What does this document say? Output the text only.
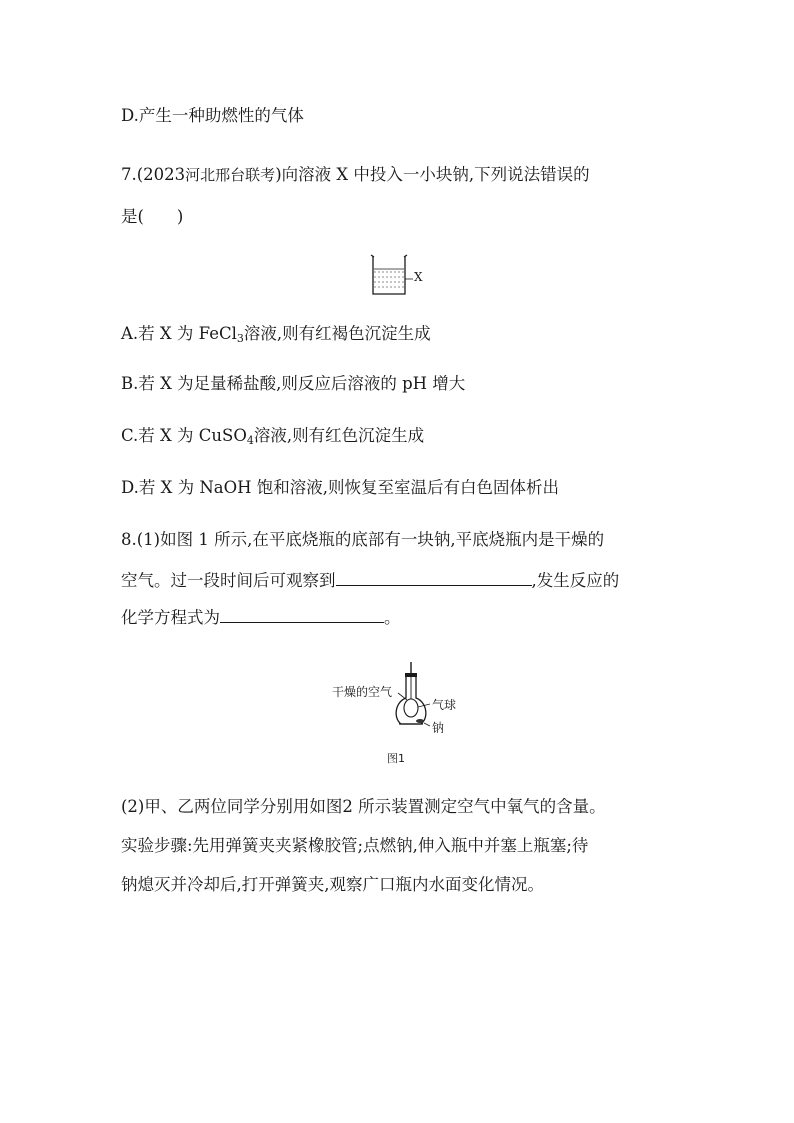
D.产生一种助燃性的气体
7.(2023河北邢台联考)向溶液 X 中投入一小块钠,下列说法错误的
是(　　)
X
A.若 X 为 FeCl$_3$溶液,则有红褐色沉淀生成
B.若 X 为足量稀盐酸,则反应后溶液的 pH 增大
C.若 X 为 CuSO$_4$溶液,则有红色沉淀生成
D.若 X 为 NaOH 饱和溶液,则恢复至室温后有白色固体析出
8.(1)如图 1 所示,在平底烧瓶的底部有一块钠,平底烧瓶内是干燥的
空气。过一段时间后可观察到	,发生反应的
化学方程式为	。
干燥的空气
气球
钠
图1
(2)甲、乙两位同学分别用如图2 所示装置测定空气中氧气的含量。
实验步骤:先用弹簧夹夹紧橡胶管;点燃钠,伸入瓶中并塞上瓶塞;待
钠熄灭并冷却后,打开弹簧夹,观察广口瓶内水面变化情况。
